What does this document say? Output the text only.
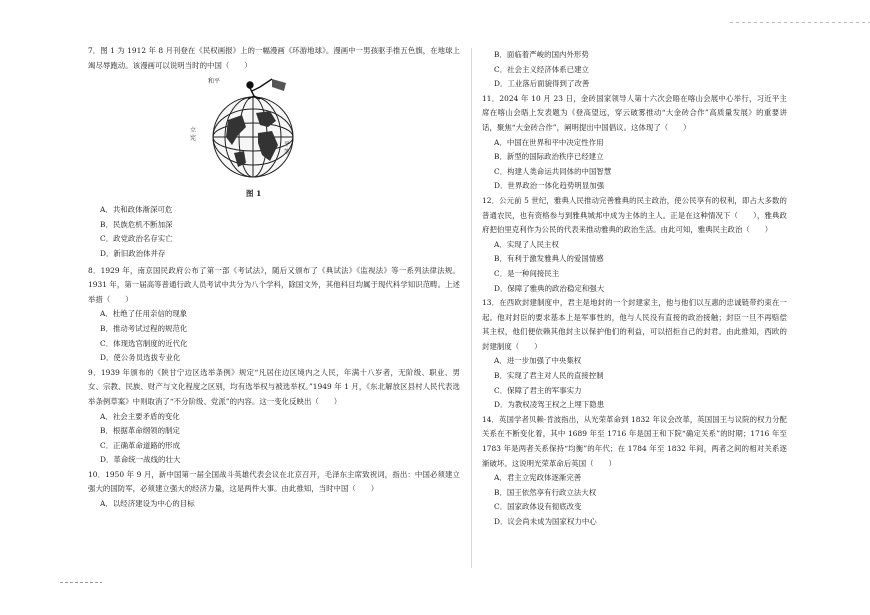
7．图 1 为 1912 年 8 月刊登在《民权画报》上的一幅漫画《环游地球》。漫画中一男孩驱手推五色旗，在地球上竭尽辱跑动。该漫画可以说明当时的中国（　　）
和平
立宪
平等
图 1
A．共和政体渐深可危
B．民族危机不断加深
C．政党政治名存实亡
D．新旧政治体并存
8．1929 年，南京国民政府公布了第一部《考试法》，随后又颁布了《典试法》《监视法》等一系列法律法规。1931 年，第一届高等普通行政人员考试中共分为八个学科，除国文外，其他科目均属于现代科学知识范畴。上述举措（　　）
A．杜绝了任用亲信的现象
B．推动考试过程的规范化
C．体现选官制度的近代化
D．使公务员选拔专业化
9．1939 年颁布的《陕甘宁边区选举条例》规定“凡居住边区境内之人民，年满十八岁者，无阶级、职业、男女、宗教、民族、财产与文化程度之区别，均有选举权与被选举权。”1949 年 1 月，《东北解放区县村人民代表选举条例草案》中则取消了“不分阶级、党派”的内容。这一变化反映出（　　）
A．社会主要矛盾的变化
B．根据革命纲领的制定
C．正确革命道路的形成
D．革命统一战线的壮大
10．1950 年 9 月，新中国第一届全国战斗英雄代表会议在北京召开，毛泽东主席致祝词，指出：中国必须建立强大的国防军，必须建立强大的经济力量，这是两件大事。由此推知，当时中国（　　）
A．以经济建设为中心的目标
B．面临着严峻的国内外形势
C．社会主义经济体系已建立
D．工业落后面貌得到了改善
11．2024 年 10 月 23 日，金砖国家领导人第十六次会晤在喀山会展中心举行，习近平主席在喀山会晤上发表题为《登高望远，穿云破雾推动“大金砖合作”高质量发展》的重要讲话，聚焦“大金砖合作”，阐明提出中国倡议。这体现了（　　）
A．中国在世界和平中决定性作用
B．新型的国际政治秩序已经建立
C．构建人类命运共同体的中国智慧
D．世界政治一体化趋势明显加强
12．公元前 5 世纪，雅典人民推动完善雅典的民主政治，使公民享有的权利，即占大多数的普通农民，也有资格参与到雅典城邦中成为主体的主人。正是在这种情况下（　　），雅典政府把伯里克利作为公民的代表来推动雅典的政治生活。由此可知，雅典民主政治（　　）
A．实现了人民主权
B．有利于激发雅典人的爱国情感
C．是一种间接民主
D．保障了雅典的政治稳定和强大
13．在西欧封建制度中，君主是地封的一个封建家主，他与他们以互惠的忠诚链带约束在一起。他对封臣的要求基本上是军事性的，他与人民没有直接的政治接触；封臣一旦不再赔偿其主权，他们便依赖其他封主以保护他们的利益，可以招拒自己的封君。由此推知，西欧的封建制度（　　）
A．进一步加强了中央集权
B．实现了君主对人民的直接控制
C．保障了君主的军事实力
D．为教权凌驾王权之上埋下隐患
14．英国学者贝赖·肯波指出，从光荣革命到 1832 年议会改革，英国国王与议院的权力分配关系在不断变化着，其中 1689 年至 1716 年是国王和下院“确定关系”的时期；1716 年至 1783 年是两者关系保持“均衡”的年代；在 1784 年至 1832 年间，两者之间的相对关系逐渐破坏。这说明光荣革命后英国（　　）
A．君主立宪政体逐渐完善
B．国王依然享有行政立法大权
C．国家政体设有彻底改变
D．议会尚未成为国家权力中心
